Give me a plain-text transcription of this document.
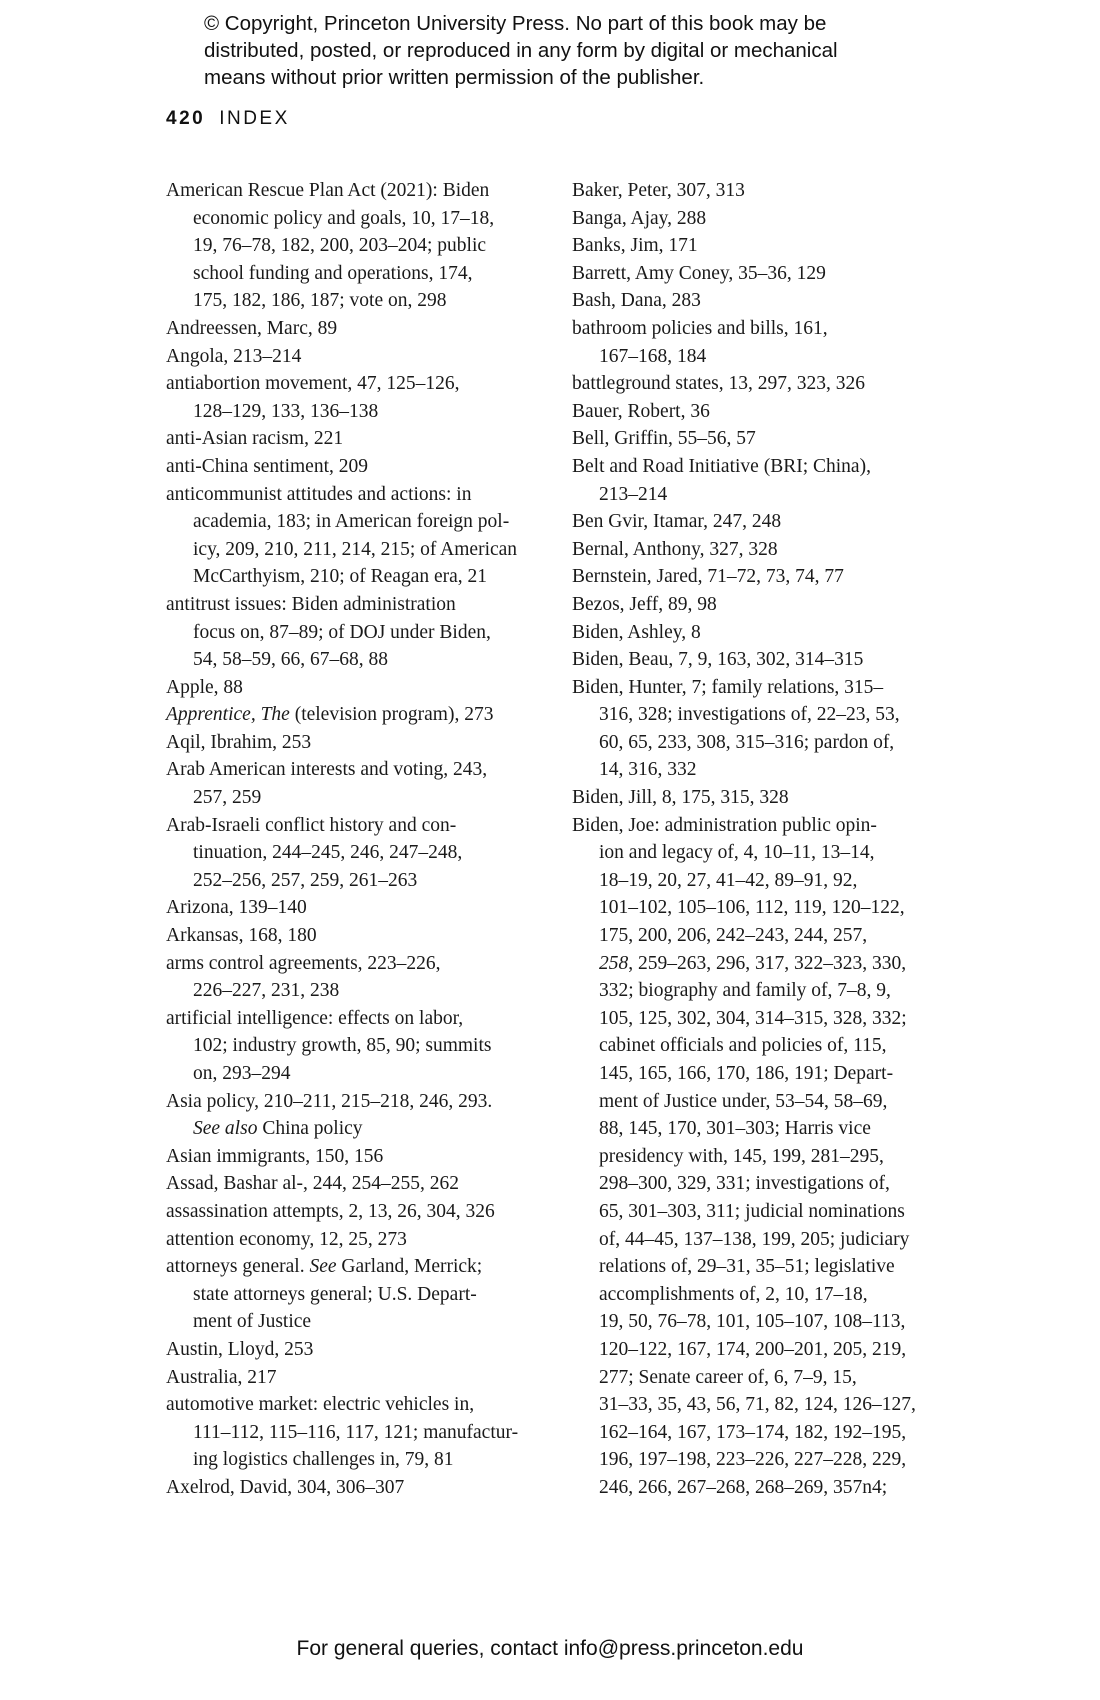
© Copyright, Princeton University Press. No part of this book may be
distributed, posted, or reproduced in any form by digital or mechanical
means without prior written permission of the publisher.
420 INDEX
American Rescue Plan Act (2021): Biden
economic policy and goals, 10, 17–18,
19, 76–78, 182, 200, 203–204; public
school funding and operations, 174,
175, 182, 186, 187; vote on, 298
Andreessen, Marc, 89
Angola, 213–214
antiabortion movement, 47, 125–126,
128–129, 133, 136–138
anti-Asian racism, 221
anti-China sentiment, 209
anticommunist attitudes and actions: in
academia, 183; in American foreign pol-
icy, 209, 210, 211, 214, 215; of American
McCarthyism, 210; of Reagan era, 21
antitrust issues: Biden administration
focus on, 87–89; of DOJ under Biden,
54, 58–59, 66, 67–68, 88
Apple, 88
Apprentice, The (television program), 273
Aqil, Ibrahim, 253
Arab American interests and voting, 243,
257, 259
Arab-Israeli conflict history and con-
tinuation, 244–245, 246, 247–248,
252–256, 257, 259, 261–263
Arizona, 139–140
Arkansas, 168, 180
arms control agreements, 223–226,
226–227, 231, 238
artificial intelligence: effects on labor,
102; industry growth, 85, 90; summits
on, 293–294
Asia policy, 210–211, 215–218, 246, 293.
See also China policy
Asian immigrants, 150, 156
Assad, Bashar al-, 244, 254–255, 262
assassination attempts, 2, 13, 26, 304, 326
attention economy, 12, 25, 273
attorneys general. See Garland, Merrick;
state attorneys general; U.S. Depart-
ment of Justice
Austin, Lloyd, 253
Australia, 217
automotive market: electric vehicles in,
111–112, 115–116, 117, 121; manufactur-
ing logistics challenges in, 79, 81
Axelrod, David, 304, 306–307
Baker, Peter, 307, 313
Banga, Ajay, 288
Banks, Jim, 171
Barrett, Amy Coney, 35–36, 129
Bash, Dana, 283
bathroom policies and bills, 161,
167–168, 184
battleground states, 13, 297, 323, 326
Bauer, Robert, 36
Bell, Griffin, 55–56, 57
Belt and Road Initiative (BRI; China),
213–214
Ben Gvir, Itamar, 247, 248
Bernal, Anthony, 327, 328
Bernstein, Jared, 71–72, 73, 74, 77
Bezos, Jeff, 89, 98
Biden, Ashley, 8
Biden, Beau, 7, 9, 163, 302, 314–315
Biden, Hunter, 7; family relations, 315–
316, 328; investigations of, 22–23, 53,
60, 65, 233, 308, 315–316; pardon of,
14, 316, 332
Biden, Jill, 8, 175, 315, 328
Biden, Joe: administration public opin-
ion and legacy of, 4, 10–11, 13–14,
18–19, 20, 27, 41–42, 89–91, 92,
101–102, 105–106, 112, 119, 120–122,
175, 200, 206, 242–243, 244, 257,
258, 259–263, 296, 317, 322–323, 330,
332; biography and family of, 7–8, 9,
105, 125, 302, 304, 314–315, 328, 332;
cabinet officials and policies of, 115,
145, 165, 166, 170, 186, 191; Depart-
ment of Justice under, 53–54, 58–69,
88, 145, 170, 301–303; Harris vice
presidency with, 145, 199, 281–295,
298–300, 329, 331; investigations of,
65, 301–303, 311; judicial nominations
of, 44–45, 137–138, 199, 205; judiciary
relations of, 29–31, 35–51; legislative
accomplishments of, 2, 10, 17–18,
19, 50, 76–78, 101, 105–107, 108–113,
120–122, 167, 174, 200–201, 205, 219,
277; Senate career of, 6, 7–9, 15,
31–33, 35, 43, 56, 71, 82, 124, 126–127,
162–164, 167, 173–174, 182, 192–195,
196, 197–198, 223–226, 227–228, 229,
246, 266, 267–268, 268–269, 357n4;
For general queries, contact info@press.princeton.edu
